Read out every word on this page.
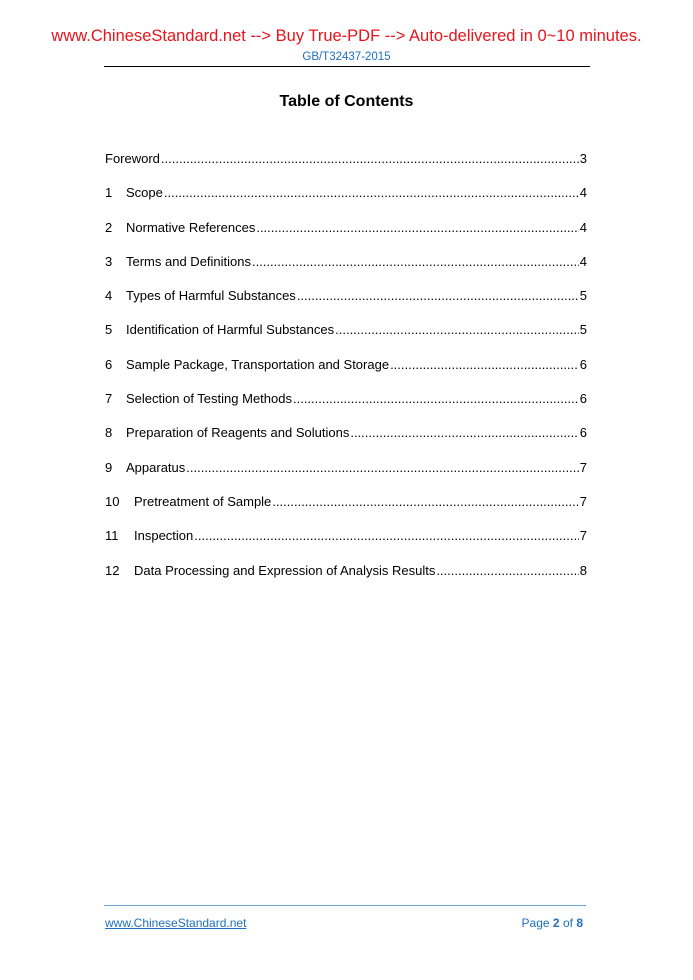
www.ChineseStandard.net --> Buy True-PDF --> Auto-delivered in 0~10 minutes.
GB/T32437-2015
Table of Contents
Foreword .....	3
1	Scope .....	4
2	Normative References .....	4
3	Terms and Definitions .....	4
4	Types of Harmful Substances .....	5
5	Identification of Harmful Substances .....	5
6	Sample Package, Transportation and Storage .....	6
7	Selection of Testing Methods .....	6
8	Preparation of Reagents and Solutions .....	6
9	Apparatus .....	7
10	Pretreatment of Sample .....	7
11	Inspection .....	7
12	Data Processing and Expression of Analysis Results .....	8
www.ChineseStandard.net	Page 2 of 8
